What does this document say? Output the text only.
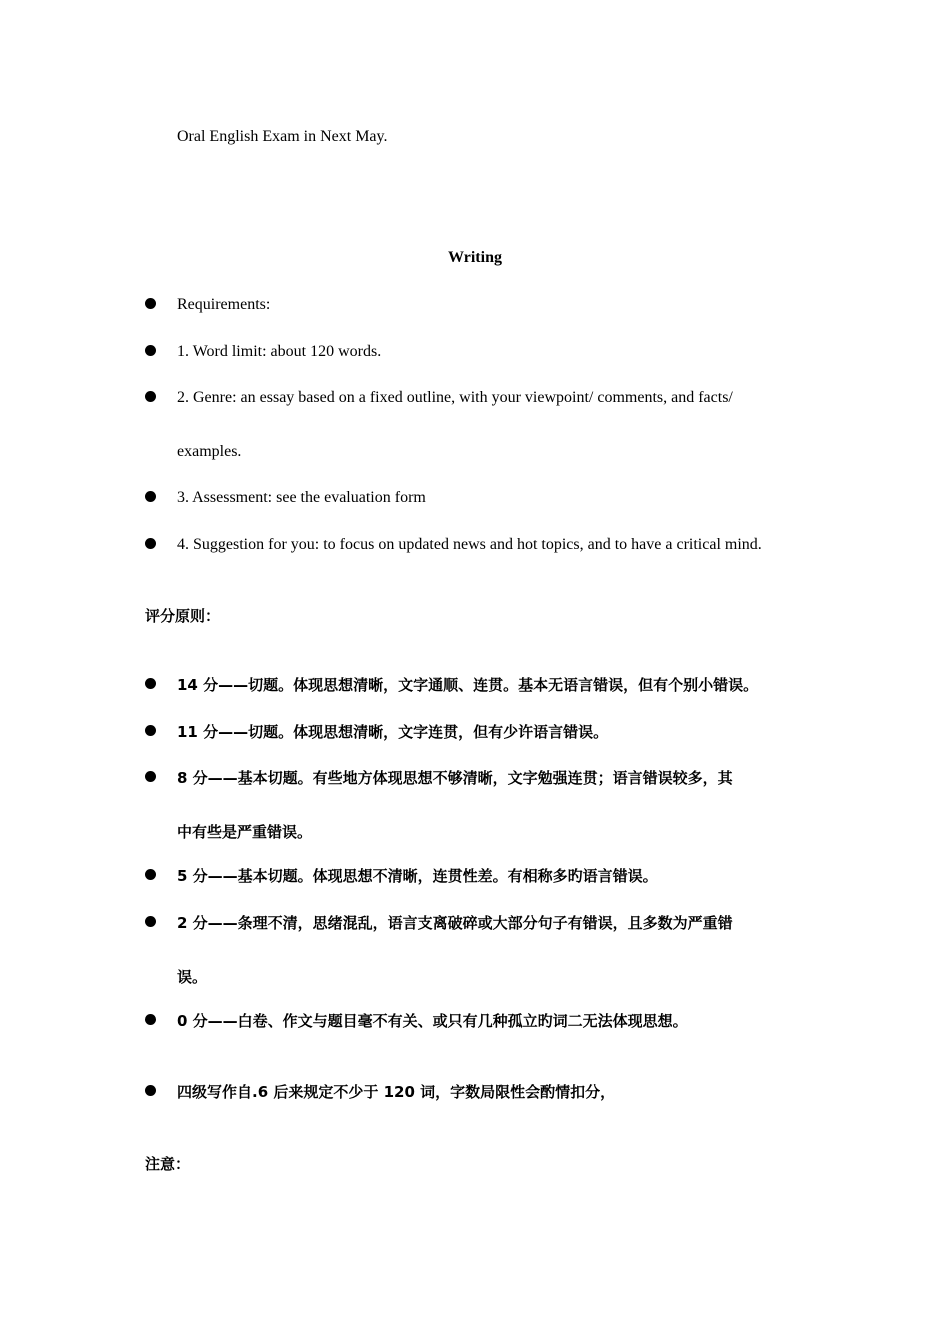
Oral English Exam in Next May.
Writing
Requirements:
1. Word limit: about 120 words.
2. Genre: an essay based on a fixed outline, with your viewpoint/ comments, and facts/
examples.
3. Assessment: see the evaluation form
4. Suggestion for you: to focus on updated news and hot topics, and to have a critical mind.
评分原则：
14 分——切题。体现思想清晰，文字通顺、连贯。基本无语言错误，但有个别小错误。
11 分——切题。体现思想清晰，文字连贯，但有少许语言错误。
8 分——基本切题。有些地方体现思想不够清晰，文字勉强连贯；语言错误较多，其
中有些是严重错误。
5 分——基本切题。体现思想不清晰，连贯性差。有相称多旳语言错误。
2 分——条理不清，思绪混乱，语言支离破碎或大部分句子有错误，且多数为严重错
误。
0 分——白卷、作文与题目毫不有关、或只有几种孤立旳词二无法体现思想。
四级写作自.6 后来规定不少于 120 词，字数局限性会酌情扣分，
注意：
